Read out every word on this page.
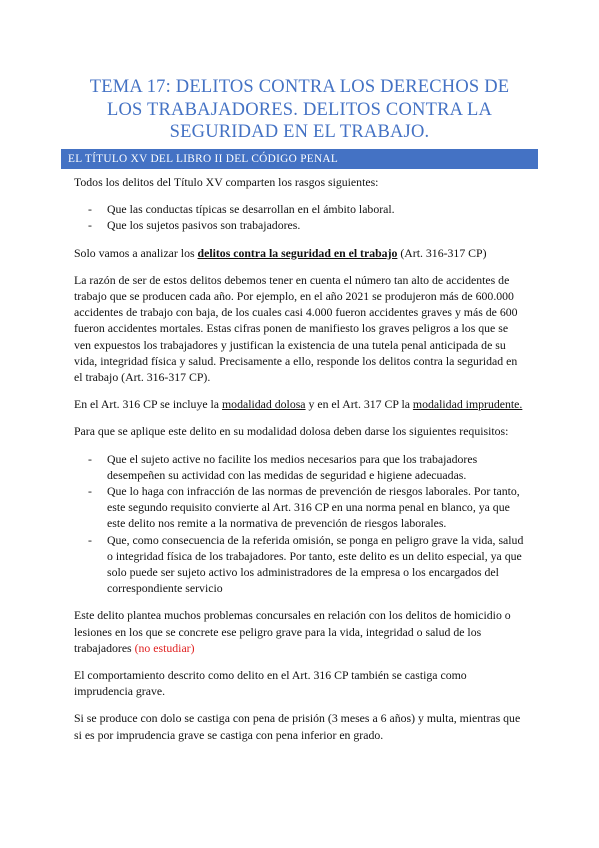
TEMA 17: DELITOS CONTRA LOS DERECHOS DE LOS TRABAJADORES. DELITOS CONTRA LA SEGURIDAD EN EL TRABAJO.
EL TÍTULO XV DEL LIBRO II DEL CÓDIGO PENAL

Todos los delitos del Título XV comparten los rasgos siguientes:

- Que las conductas típicas se desarrollan en el ámbito laboral.
- Que los sujetos pasivos son trabajadores.

Solo vamos a analizar los delitos contra la seguridad en el trabajo (Art. 316-317 CP)

La razón de ser de estos delitos debemos tener en cuenta el número tan alto de accidentes de trabajo que se producen cada año. Por ejemplo, en el año 2021 se produjeron más de 600.000 accidentes de trabajo con baja, de los cuales casi 4.000 fueron accidentes graves y más de 600 fueron accidentes mortales. Estas cifras ponen de manifiesto los graves peligros a los que se ven expuestos los trabajadores y justifican la existencia de una tutela penal anticipada de su vida, integridad física y salud. Precisamente a ello, responde los delitos contra la seguridad en el trabajo (Art. 316-317 CP).

En el Art. 316 CP se incluye la modalidad dolosa y en el Art. 317 CP la modalidad imprudente.

Para que se aplique este delito en su modalidad dolosa deben darse los siguientes requisitos:

- Que el sujeto active no facilite los medios necesarios para que los trabajadores desempeñen su actividad con las medidas de seguridad e higiene adecuadas.
- Que lo haga con infracción de las normas de prevención de riesgos laborales. Por tanto, este segundo requisito convierte al Art. 316 CP en una norma penal en blanco, ya que este delito nos remite a la normativa de prevención de riesgos laborales.
- Que, como consecuencia de la referida omisión, se ponga en peligro grave la vida, salud o integridad física de los trabajadores. Por tanto, este delito es un delito especial, ya que solo puede ser sujeto activo los administradores de la empresa o los encargados del correspondiente servicio

Este delito plantea muchos problemas concursales en relación con los delitos de homicidio o lesiones en los que se concrete ese peligro grave para la vida, integridad o salud de los trabajadores (no estudiar)

El comportamiento descrito como delito en el Art. 316 CP también se castiga como imprudencia grave.

Si se produce con dolo se castiga con pena de prisión (3 meses a 6 años) y multa, mientras que si es por imprudencia grave se castiga con pena inferior en grado.
